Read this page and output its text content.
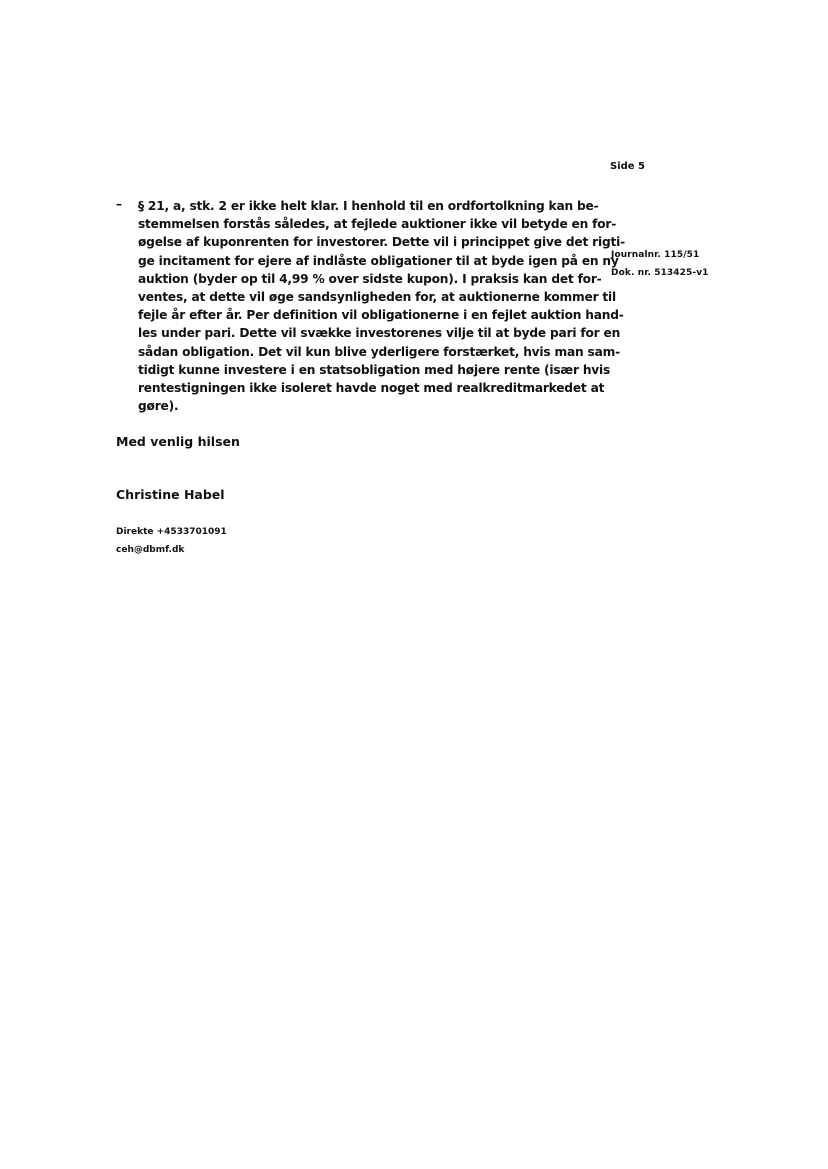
Side 5
Journalnr. 115/51
Dok. nr. 513425-v1
– § 21, a, stk. 2 er ikke helt klar. I henhold til en ordfortolkning kan be-
stemmelsen forstås således, at fejlede auktioner ikke vil betyde en for-
øgelse af kuponrenten for investorer. Dette vil i princippet give det rigti-
ge incitament for ejere af indlåste obligationer til at byde igen på en ny
auktion (byder op til 4,99 % over sidste kupon). I praksis kan det for-
ventes, at dette vil øge sandsynligheden for, at auktionerne kommer til
fejle år efter år. Per definition vil obligationerne i en fejlet auktion hand-
les under pari. Dette vil svække investorenes vilje til at byde pari for en
sådan obligation. Det vil kun blive yderligere forstærket, hvis man sam-
tidigt kunne investere i en statsobligation med højere rente (især hvis
rentestigningen ikke isoleret havde noget med realkreditmarkedet at
gøre).
Med venlig hilsen
Christine Habel
Direkte +4533701091
ceh@dbmf.dk
